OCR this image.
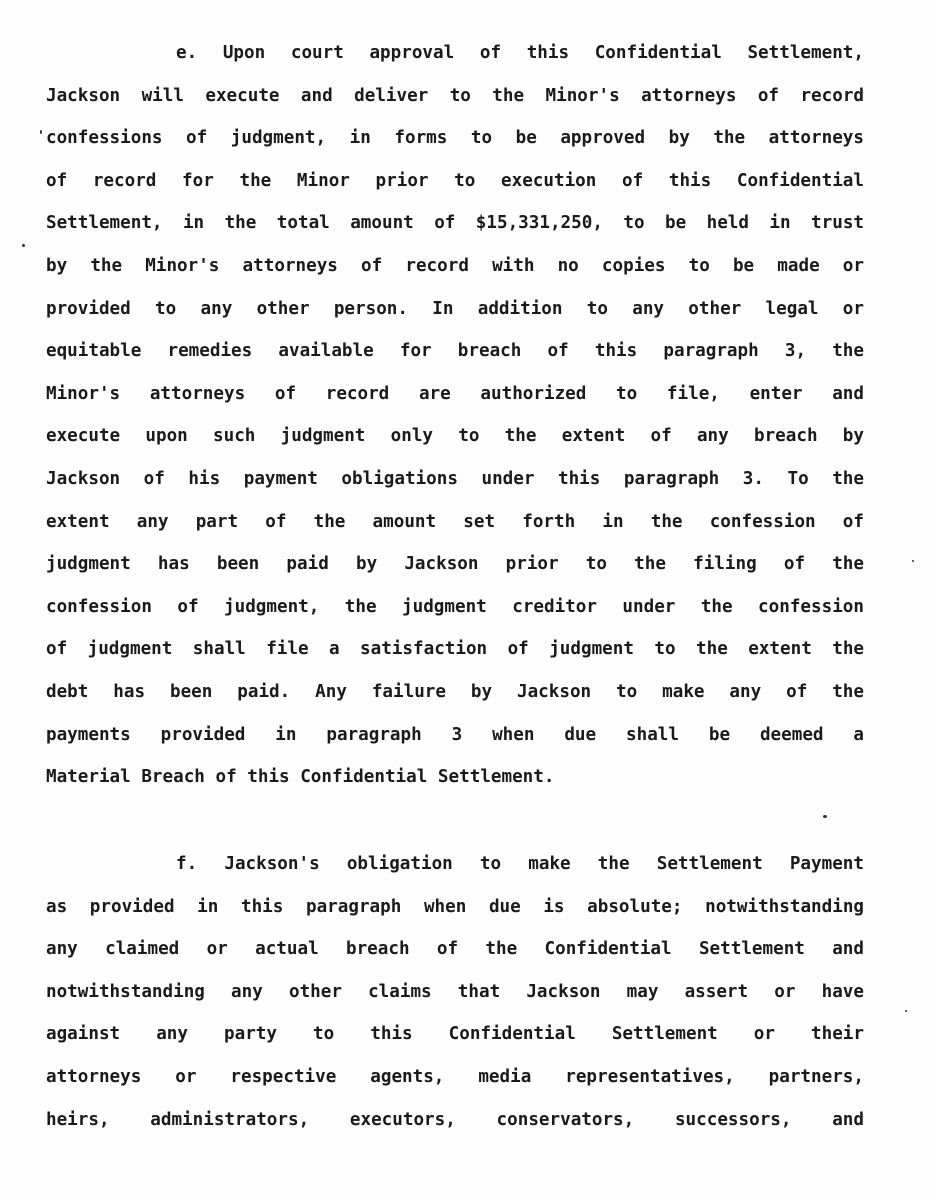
e. Upon court approval of this Confidential Settlement,
Jackson will execute and deliver to the Minor's attorneys of record
confessions of judgment, in forms to be approved by the attorneys
of record for the Minor prior to execution of this Confidential
Settlement, in the total amount of $15,331,250, to be held in trust
by the Minor's attorneys of record with no copies to be made or
provided to any other person. In addition to any other legal or
equitable remedies available for breach of this paragraph 3, the
Minor's attorneys of record are authorized to file, enter and
execute upon such judgment only to the extent of any breach by
Jackson of his payment obligations under this paragraph 3. To the
extent any part of the amount set forth in the confession of
judgment has been paid by Jackson prior to the filing of the
confession of judgment, the judgment creditor under the confession
of judgment shall file a satisfaction of judgment to the extent the
debt has been paid. Any failure by Jackson to make any of the
payments provided in paragraph 3 when due shall be deemed a
Material Breach of this Confidential Settlement.
f. Jackson's obligation to make the Settlement Payment
as provided in this paragraph when due is absolute; notwithstanding
any claimed or actual breach of the Confidential Settlement and
notwithstanding any other claims that Jackson may assert or have
against any party to this Confidential Settlement or their
attorneys or respective agents, media representatives, partners,
heirs, administrators, executors, conservators, successors, and
